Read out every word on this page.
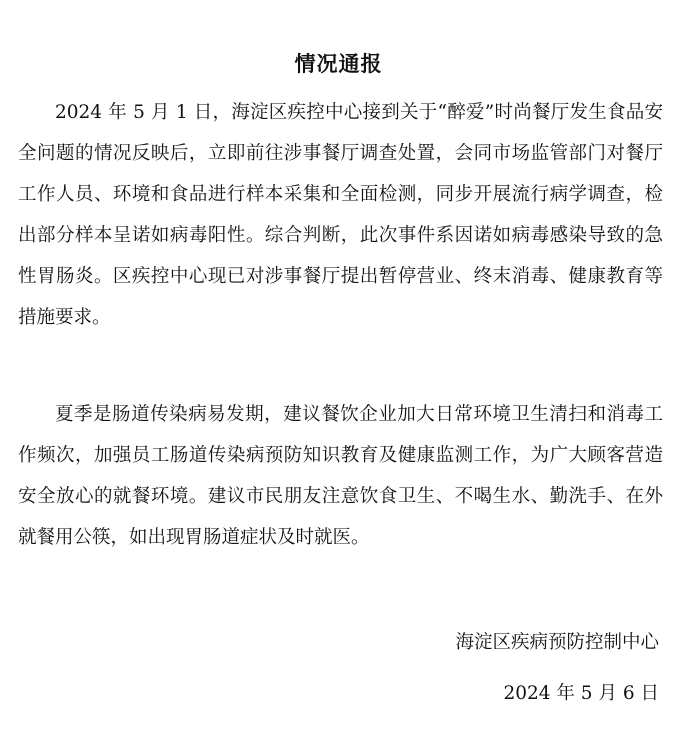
情况通报

2024 年 5 月 1 日，海淀区疾控中心接到关于“醉爱”时尚餐厅发生食品安全问题的情况反映后，立即前往涉事餐厅调查处置，会同市场监管部门对餐厅工作人员、环境和食品进行样本采集和全面检测，同步开展流行病学调查，检出部分样本呈诺如病毒阳性。综合判断，此次事件系因诺如病毒感染导致的急性胃肠炎。区疾控中心现已对涉事餐厅提出暂停营业、终末消毒、健康教育等措施要求。

夏季是肠道传染病易发期，建议餐饮企业加大日常环境卫生清扫和消毒工作频次，加强员工肠道传染病预防知识教育及健康监测工作，为广大顾客营造安全放心的就餐环境。建议市民朋友注意饮食卫生、不喝生水、勤洗手、在外就餐用公筷，如出现胃肠道症状及时就医。

海淀区疾病预防控制中心
2024 年 5 月 6 日
